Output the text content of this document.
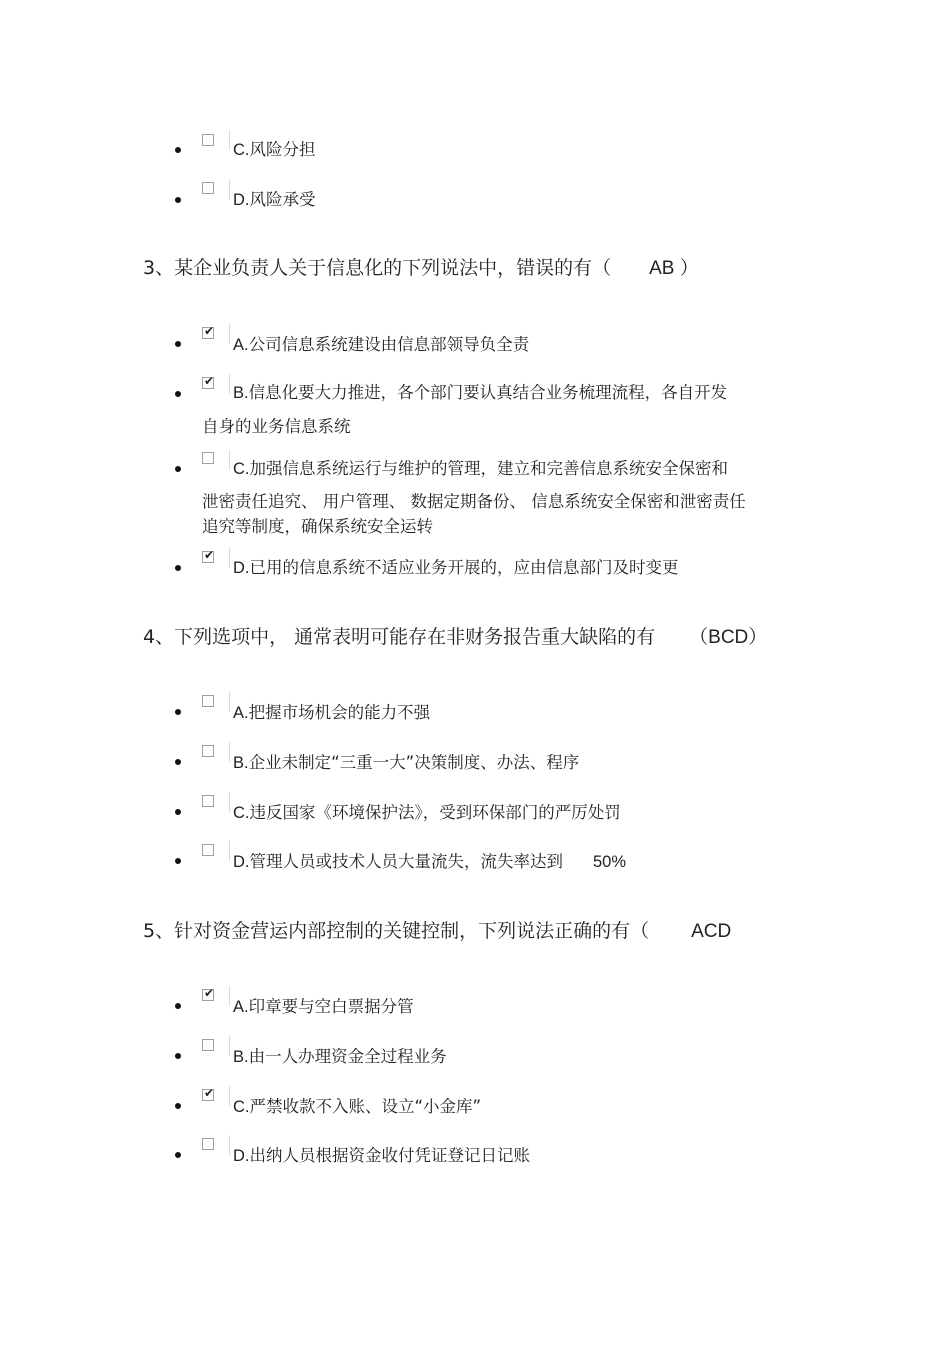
C.风险分担
D.风险承受
3、某企业负责人关于信息化的下列说法中，错误的有（ AB ）
✔
A.公司信息系统建设由信息部领导负全责
✔
B.信息化要大力推进，各个部门要认真结合业务梳理流程，各自开发
自身的业务信息系统
C.加强信息系统运行与维护的管理，建立和完善信息系统安全保密和
泄密责任追究、 用户管理、 数据定期备份、 信息系统安全保密和泄密责任
追究等制度，确保系统安全运转
✔
D.已用的信息系统不适应业务开展的，应由信息部门及时变更
4、下列选项中， 通常表明可能存在非财务报告重大缺陷的有 （BCD）
A.把握市场机会的能力不强
B.企业未制定“三重一大”决策制度、办法、程序
C.违反国家《环境保护法》，受到环保部门的严厉处罚
D.管理人员或技术人员大量流失，流失率达到 50%
5、针对资金营运内部控制的关键控制，下列说法正确的有（ ACD
✔
A.印章要与空白票据分管
B.由一人办理资金全过程业务
✔
C.严禁收款不入账、设立“小金库”
D.出纳人员根据资金收付凭证登记日记账
